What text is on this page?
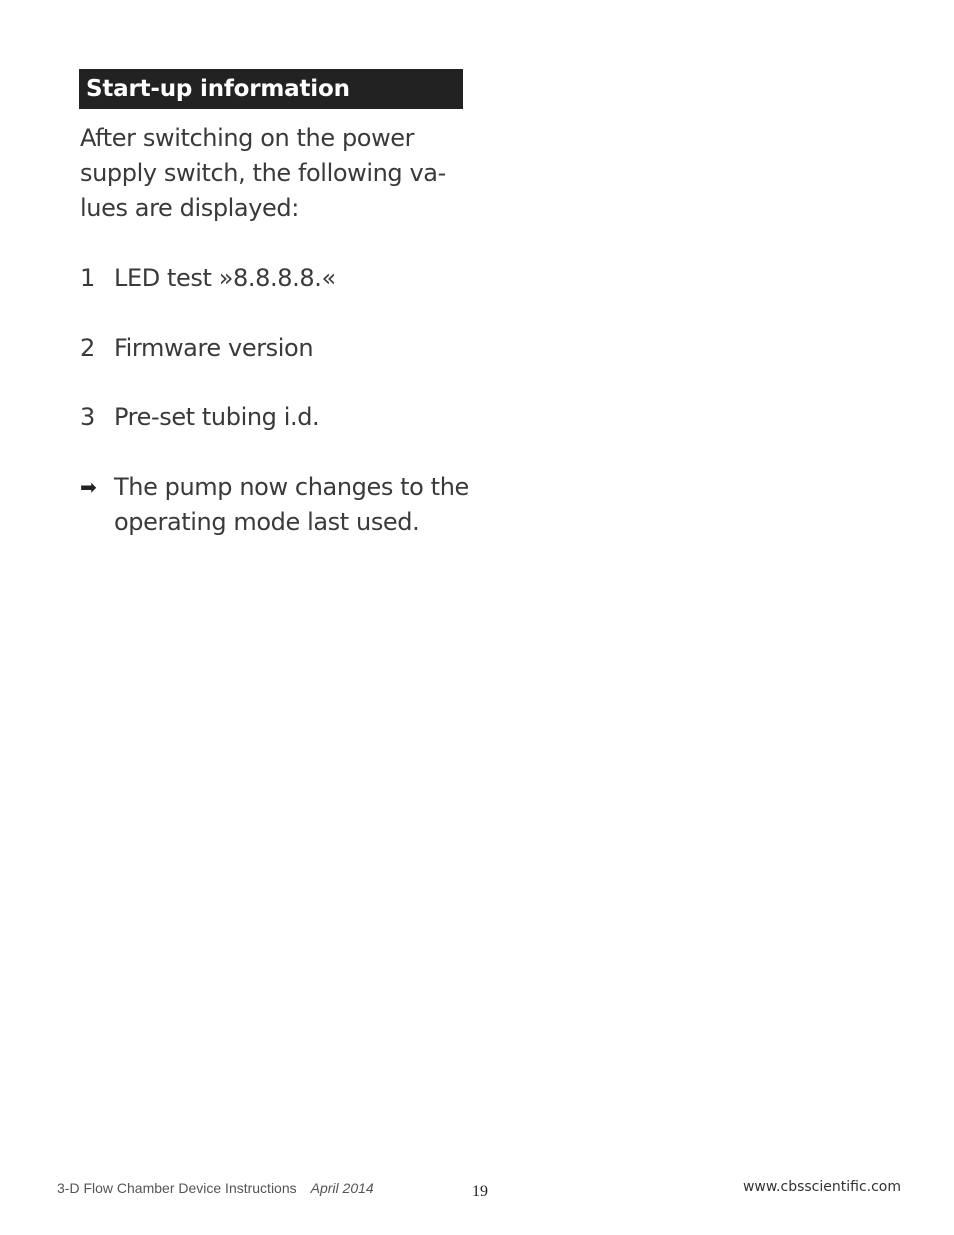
Start-up information
After switching on the power
supply switch, the following va-
lues are displayed:
1 LED test »8.8.8.8.«
2 Firmware version
3 Pre-set tubing i.d.
➡ The pump now changes to the
operating mode last used.
3-D Flow Chamber Device Instructions April 2014	19	www.cbsscientific.com
